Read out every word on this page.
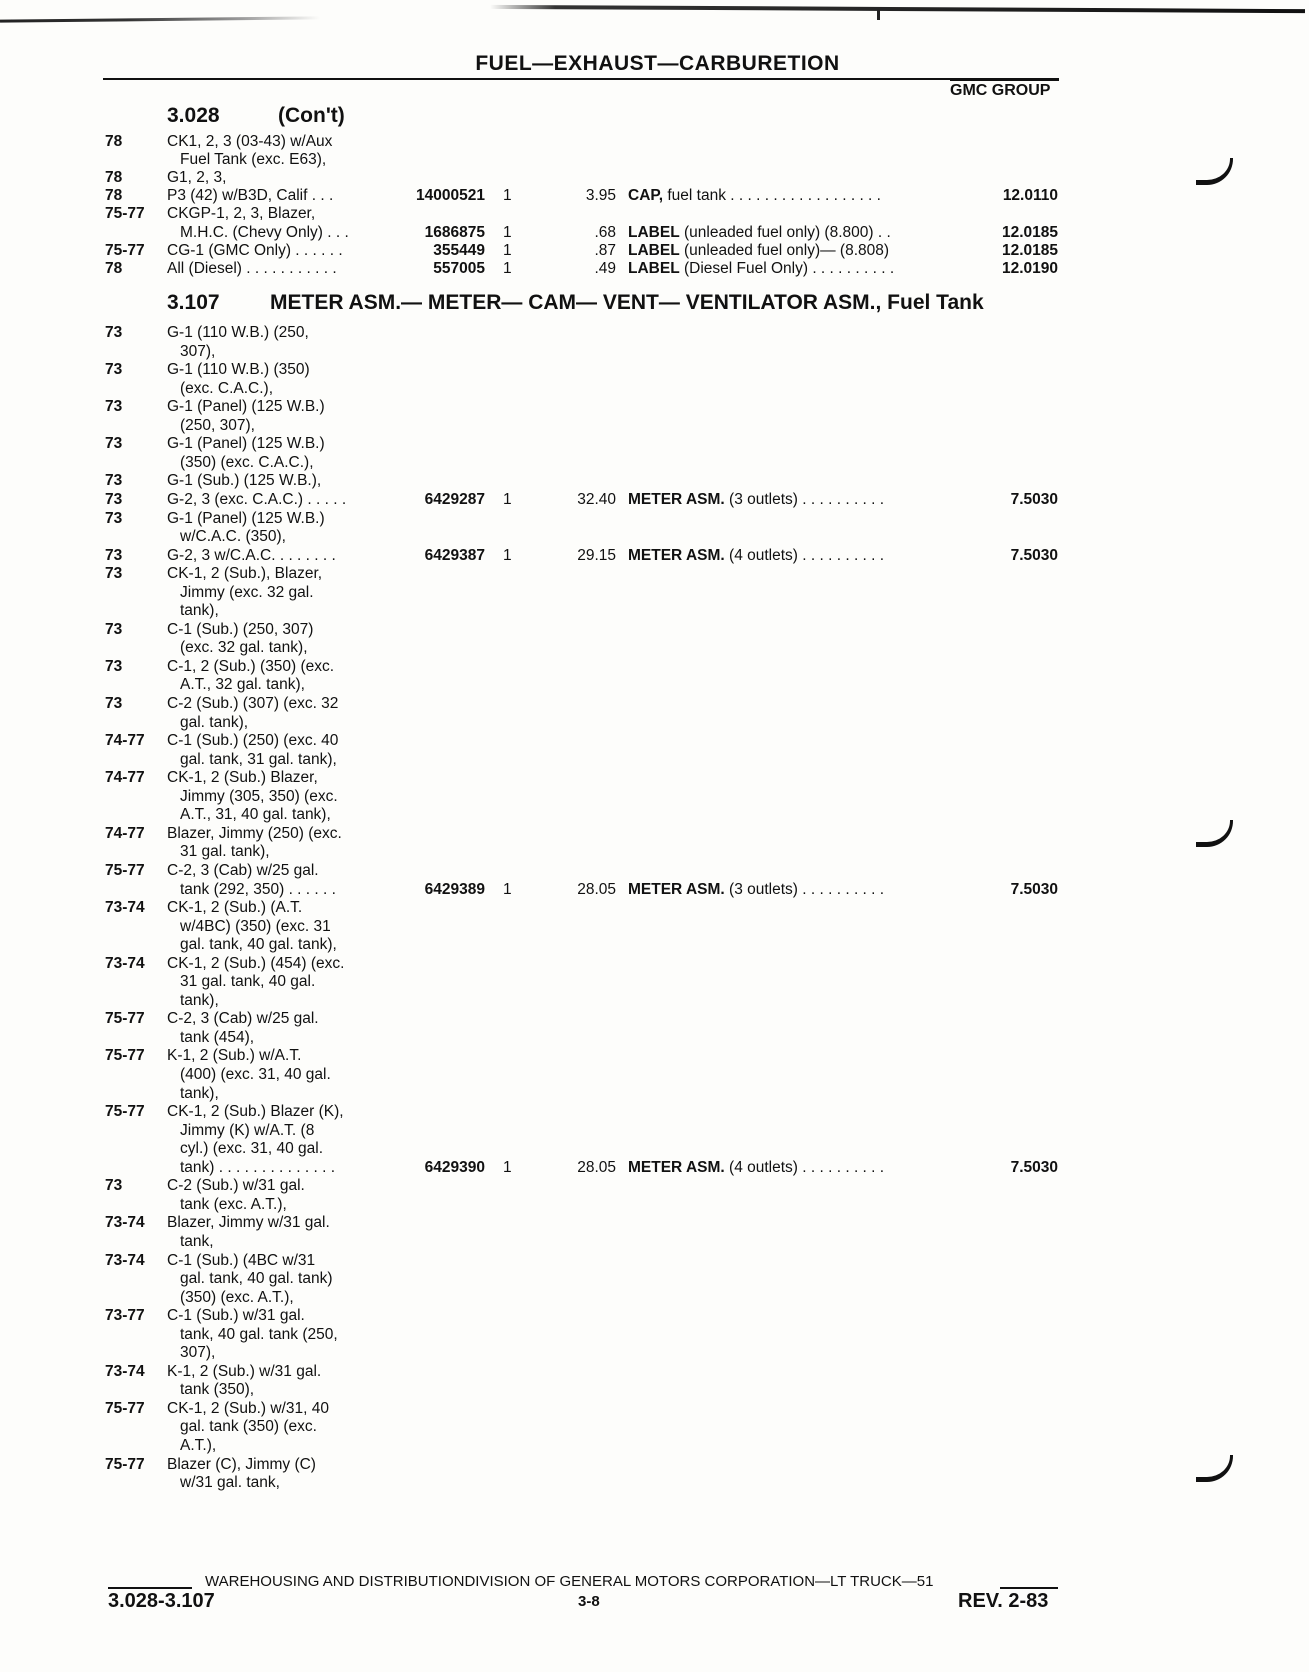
FUEL—EXHAUST—CARBURETION
GMC GROUP
3.028	(Con't)
78	CK1, 2, 3 (03-43) w/Aux
Fuel Tank (exc. E63),
78	G1, 2, 3,
78	P3 (42) w/B3D, Calif . . .	14000521 1	3.95 CAP, fuel tank . . . . . . . . . . . . . . . . . .	12.0110
75-77 CKGP-1, 2, 3, Blazer,
M.H.C. (Chevy Only) . . .	1686875 1	.68 LABEL (unleaded fuel only) (8.800) . .	12.0185
75-77 CG-1 (GMC Only) . . . . . .	355449 1	.87 LABEL (unleaded fuel only)— (8.808)	12.0185
78	All (Diesel) . . . . . . . . . . .	557005 1	.49 LABEL (Diesel Fuel Only) . . . . . . . . . .	12.0190
3.107 METER ASM.— METER— CAM— VENT— VENTILATOR ASM., Fuel Tank
73	G-1 (110 W.B.) (250,
307),
73	G-1 (110 W.B.) (350)
(exc. C.A.C.),
73	G-1 (Panel) (125 W.B.)
(250, 307),
73	G-1 (Panel) (125 W.B.)
(350) (exc. C.A.C.),
73	G-1 (Sub.) (125 W.B.),
73	G-2, 3 (exc. C.A.C.) . . . . .	6429287 1	32.40 METER ASM. (3 outlets) . . . . . . . . . .	7.5030
73	G-1 (Panel) (125 W.B.)
w/C.A.C. (350),
73	G-2, 3 w/C.A.C. . . . . . . .	6429387 1	29.15 METER ASM. (4 outlets) . . . . . . . . . .	7.5030
73	CK-1, 2 (Sub.), Blazer,
Jimmy (exc. 32 gal.
tank),
73	C-1 (Sub.) (250, 307)
(exc. 32 gal. tank),
73	C-1, 2 (Sub.) (350) (exc.
A.T., 32 gal. tank),
73	C-2 (Sub.) (307) (exc. 32
gal. tank),
74-77 C-1 (Sub.) (250) (exc. 40
gal. tank, 31 gal. tank),
74-77 CK-1, 2 (Sub.) Blazer,
Jimmy (305, 350) (exc.
A.T., 31, 40 gal. tank),
74-77 Blazer, Jimmy (250) (exc.
31 gal. tank),
75-77 C-2, 3 (Cab) w/25 gal.
tank (292, 350) . . . . . .	6429389 1	28.05 METER ASM. (3 outlets) . . . . . . . . . .	7.5030
73-74 CK-1, 2 (Sub.) (A.T.
w/4BC) (350) (exc. 31
gal. tank, 40 gal. tank),
73-74 CK-1, 2 (Sub.) (454) (exc.
31 gal. tank, 40 gal.
tank),
75-77 C-2, 3 (Cab) w/25 gal.
tank (454),
75-77 K-1, 2 (Sub.) w/A.T.
(400) (exc. 31, 40 gal.
tank),
75-77 CK-1, 2 (Sub.) Blazer (K),
Jimmy (K) w/A.T. (8
cyl.) (exc. 31, 40 gal.
tank) . . . . . . . . . . . . . .	6429390 1	28.05 METER ASM. (4 outlets) . . . . . . . . . .	7.5030
73	C-2 (Sub.) w/31 gal.
tank (exc. A.T.),
73-74 Blazer, Jimmy w/31 gal.
tank,
73-74 C-1 (Sub.) (4BC w/31
gal. tank, 40 gal. tank)
(350) (exc. A.T.),
73-77 C-1 (Sub.) w/31 gal.
tank, 40 gal. tank (250,
307),
73-74 K-1, 2 (Sub.) w/31 gal.
tank (350),
75-77 CK-1, 2 (Sub.) w/31, 40
gal. tank (350) (exc.
A.T.),
75-77 Blazer (C), Jimmy (C)
w/31 gal. tank,
WAREHOUSING AND DISTRIBUTIONDIVISION OF GENERAL MOTORS CORPORATION—LT TRUCK—51
3.028-3.107	3-8	REV. 2-83
